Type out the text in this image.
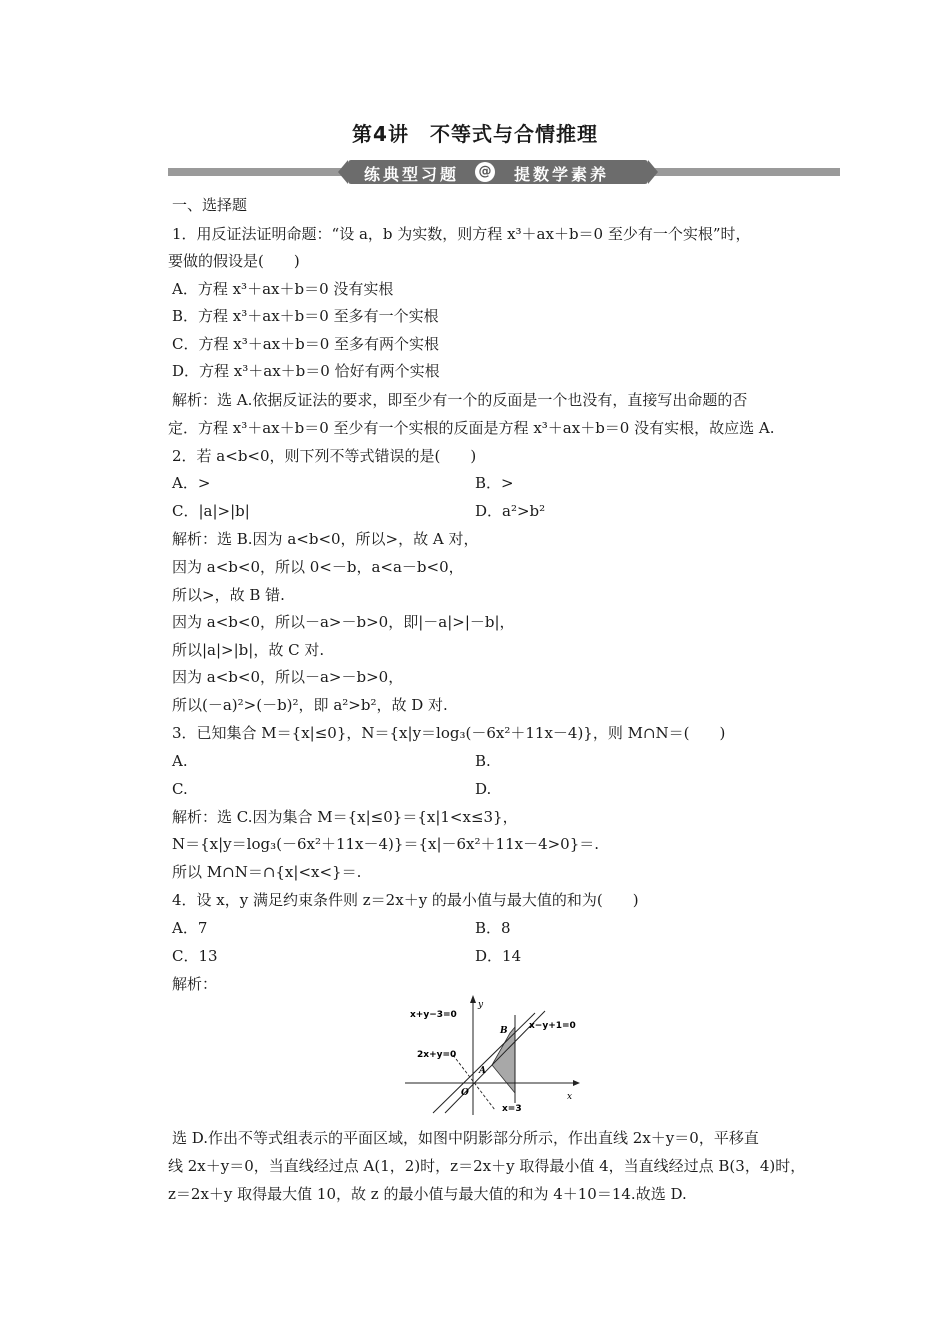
第4讲　不等式与合情推理
练典型习题 @ 提数学素养
一、选择题
1．用反证法证明命题：“设 a，b 为实数，则方程 x³＋ax＋b＝0 至少有一个实根”时，
要做的假设是(　　)
A．方程 x³＋ax＋b＝0 没有实根
B．方程 x³＋ax＋b＝0 至多有一个实根
C．方程 x³＋ax＋b＝0 至多有两个实根
D．方程 x³＋ax＋b＝0 恰好有两个实根
解析：选 A.依据反证法的要求，即至少有一个的反面是一个也没有，直接写出命题的否
定．方程 x³＋ax＋b＝0 至少有一个实根的反面是方程 x³＋ax＋b＝0 没有实根，故应选 A.
2．若 a<b<0，则下列不等式错误的是(　　)
A．>	B．>
C．|a|>|b|	D．a²>b²
解析：选 B.因为 a<b<0，所以>，故 A 对，
因为 a<b<0，所以 0<－b，a<a－b<0，
所以>，故 B 错.
因为 a<b<0，所以－a>－b>0，即|－a|>|－b|，
所以|a|>|b|，故 C 对.
因为 a<b<0，所以－a>－b>0，
所以(－a)²>(－b)²，即 a²>b²，故 D 对.
3．已知集合 M＝{x|≤0}，N＝{x|y＝log₃(－6x²＋11x－4)}，则 M∩N＝(　　)
A.	B.
C.	D.
解析：选 C.因为集合 M＝{x|≤0}＝{x|1<x≤3}，
N＝{x|y＝log₃(－6x²＋11x－4)}＝{x|－6x²＋11x－4>0}＝.
所以 M∩N＝∩{x|<x<}＝.
4．设 x，y 满足约束条件则 z＝2x＋y 的最小值与最大值的和为(　　)
A．7	B．8
C．13	D．14
解析：
x+y−3=0
x−y+1=0
2x+y=0
x=3
x
y
O
A
B
选 D.作出不等式组表示的平面区域，如图中阴影部分所示，作出直线 2x＋y＝0，平移直
线 2x＋y＝0，当直线经过点 A(1，2)时，z＝2x＋y 取得最小值 4，当直线经过点 B(3，4)时，
z＝2x＋y 取得最大值 10，故 z 的最小值与最大值的和为 4＋10＝14.故选 D.
